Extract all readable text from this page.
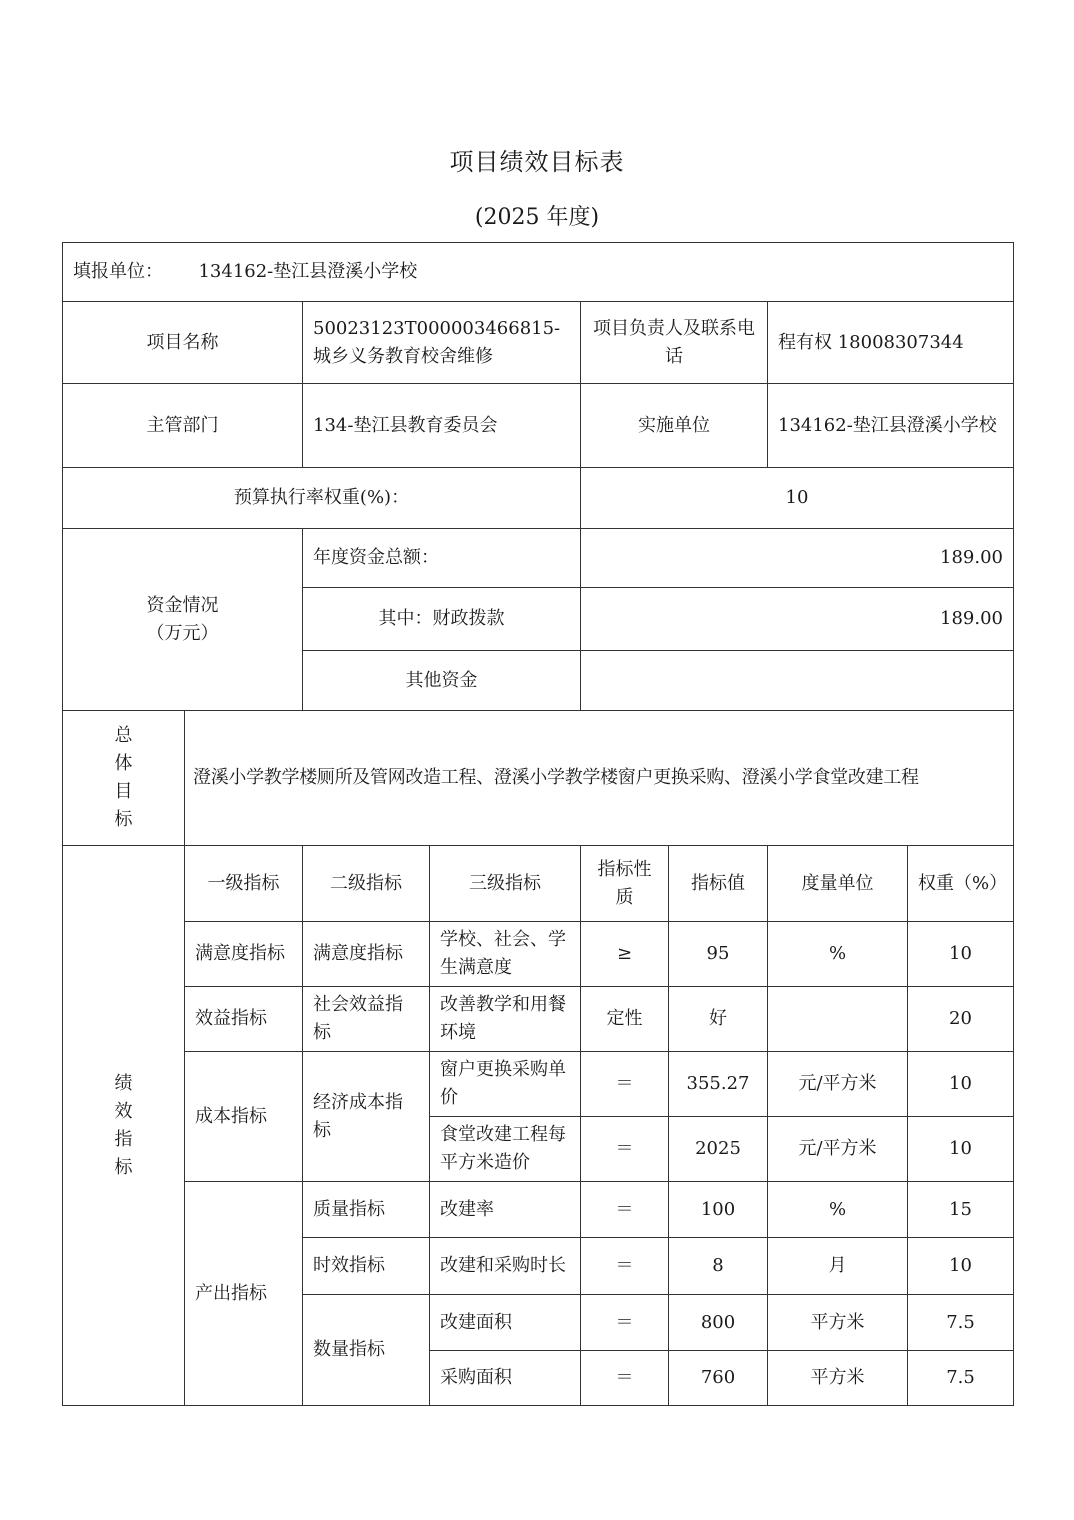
项目绩效目标表
(2025 年度)
填报单位： 134162-垫江县澄溪小学校							
项目名称		50023123T000003466815-城乡义务教育校舍维修		项目负责人及联系电话		程有权 18008307344	
主管部门		134-垫江县教育委员会		实施单位		134162-垫江县澄溪小学校	
预算执行率权重(%)：				10			

资金情况
（万元）		年度资金总额：		189.00			
		其中：财政拨款		189.00			
		其他资金					

总
体
目
标	澄溪小学教学楼厕所及管网改造工程、澄溪小学教学楼窗户更换采购、澄溪小学食堂改建工程						

绩
效
指
标	一级指标	二级指标	三级指标	指标性质	指标值	度量单位	权重（%）
	满意度指标	满意度指标	学校、社会、学生满意度	≥	95	%	10
	效益指标	社会效益指标	改善教学和用餐环境	定性	好		20
	成本指标	经济成本指标	窗户更换采购单价	＝	355.27	元/平方米	10
			食堂改建工程每平方米造价	＝	2025	元/平方米	10
	产出指标	质量指标	改建率	＝	100	%	15
		时效指标	改建和采购时长	＝	8	月	10
		数量指标	改建面积	＝	800	平方米	7.5
			采购面积	＝	760	平方米	7.5
